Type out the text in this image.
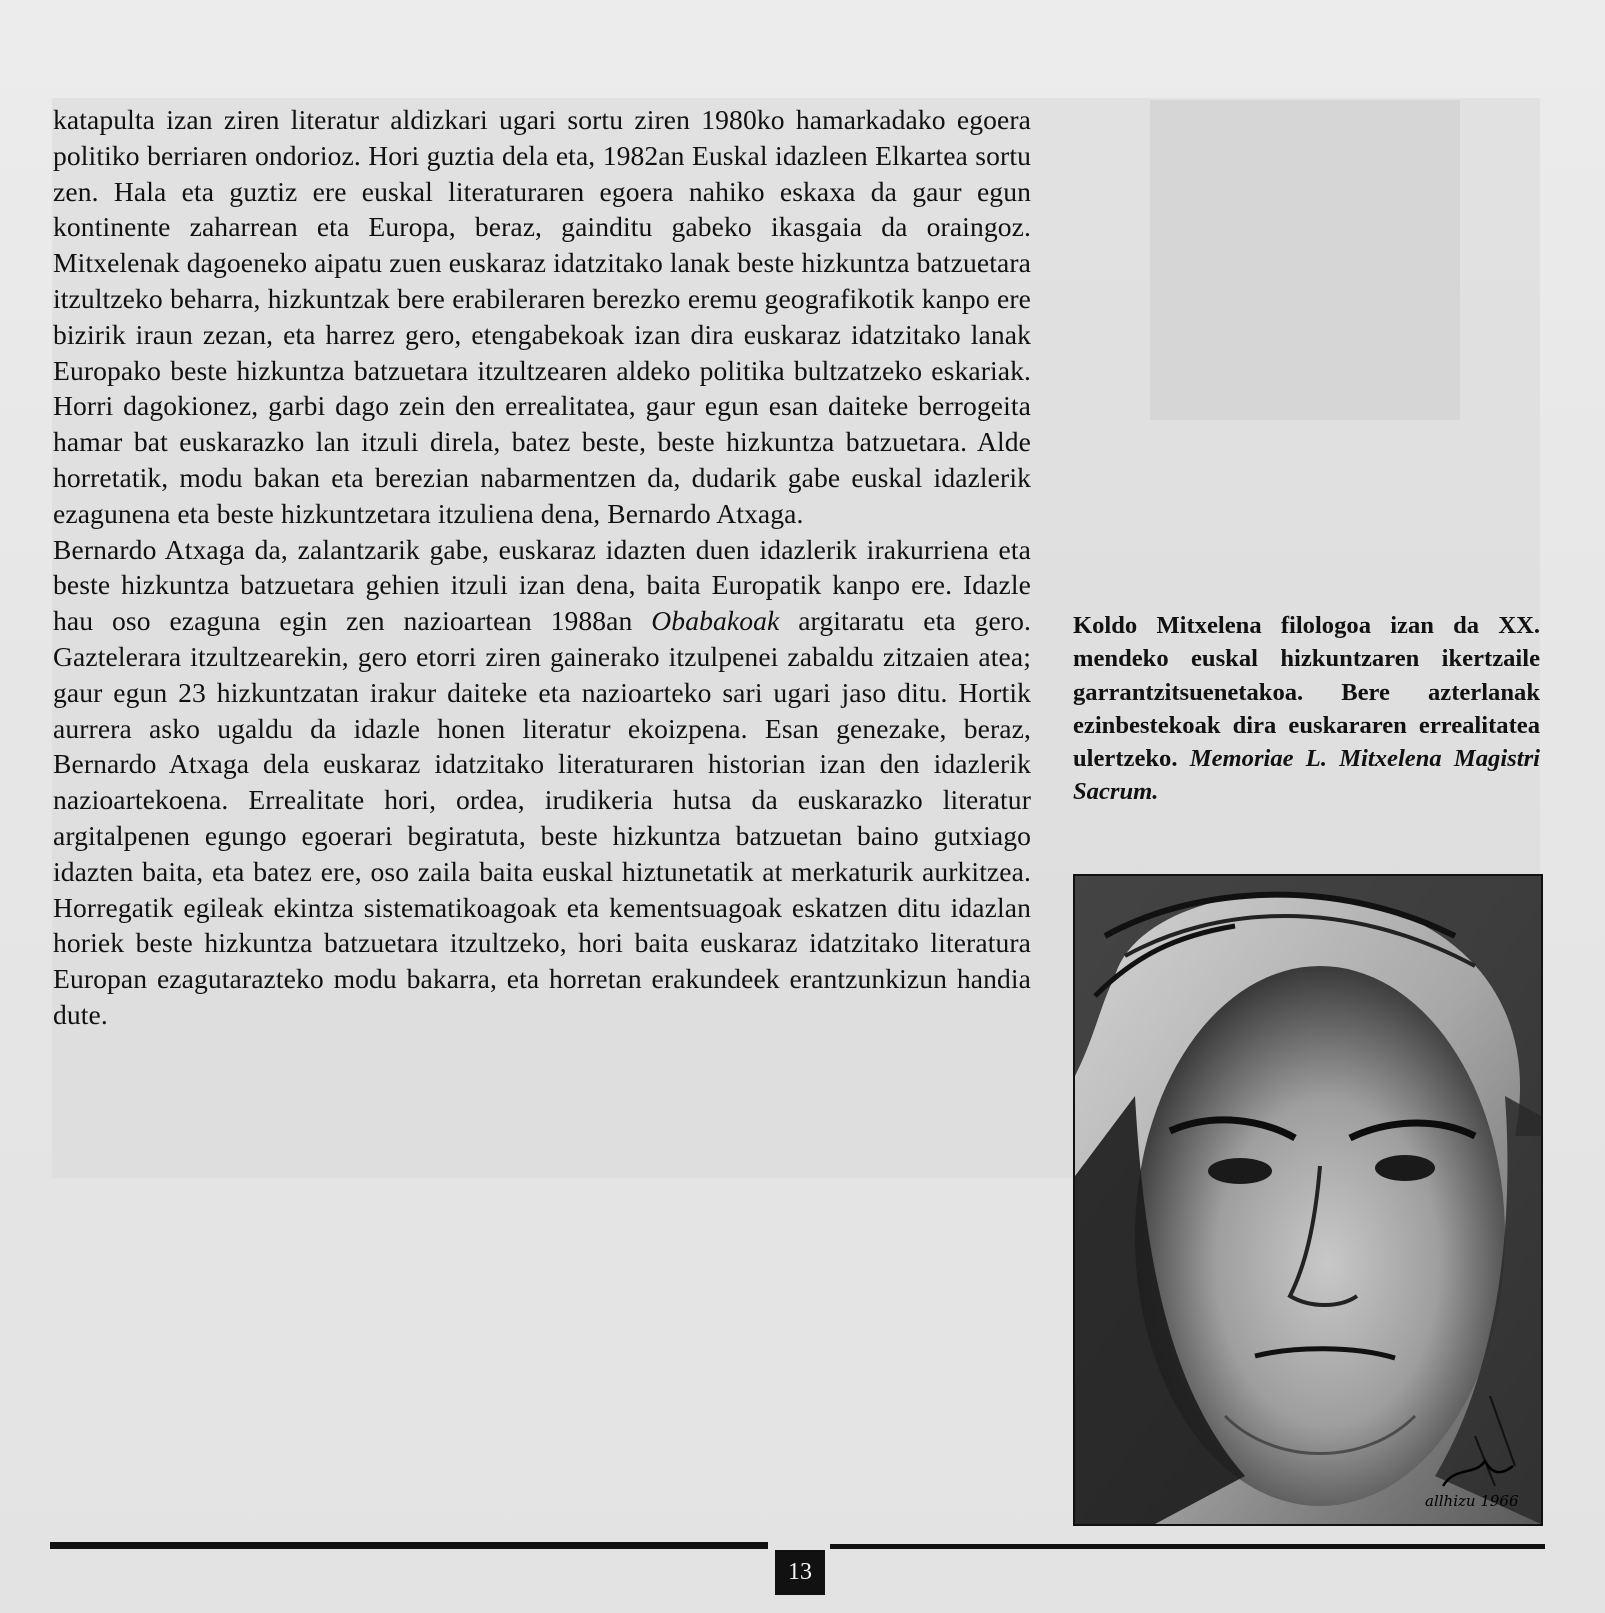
katapulta izan ziren literatur aldizkari ugari sortu ziren 1980ko hamarkadako egoera politiko berriaren ondorioz. Hori guztia dela eta, 1982an Euskal idazleen Elkartea sortu zen. Hala eta guztiz ere euskal literaturaren egoera nahiko eskaxa da gaur egun kontinente zaharrean eta Europa, beraz, gainditu gabeko ikasgaia da oraingoz. Mitxelenak dagoeneko aipatu zuen euskaraz idatzitako lanak beste hizkuntza batzuetara itzultzeko beharra, hizkuntzak bere erabileraren berezko eremu geografikotik kanpo ere bizirik iraun zezan, eta harrez gero, etengabekoak izan dira euskaraz idatzitako lanak Europako beste hizkuntza batzuetara itzultzearen aldeko politika bultzatzeko eskariak. Horri dagokionez, garbi dago zein den errealitatea, gaur egun esan daiteke berrogeita hamar bat euskarazko lan itzuli direla, batez beste, beste hizkuntza batzuetara. Alde horretatik, modu bakan eta berezian nabarmentzen da, dudarik gabe euskal idazlerik ezagunena eta beste hizkuntzetara itzuliena dena, Bernardo Atxaga.

Bernardo Atxaga da, zalantzarik gabe, euskaraz idazten duen idazlerik irakurriena eta beste hizkuntza batzuetara gehien itzuli izan dena, baita Europatik kanpo ere. Idazle hau oso ezaguna egin zen nazioartean 1988an Obabakoak argitaratu eta gero. Gaztelerara itzultzearekin, gero etorri ziren gainerako itzulpenei zabaldu zitzaien atea; gaur egun 23 hizkuntzatan irakur daiteke eta nazioarteko sari ugari jaso ditu. Hortik aurrera asko ugaldu da idazle honen literatur ekoizpena. Esan genezake, beraz, Bernardo Atxaga dela euskaraz idatzitako literaturaren historian izan den idazlerik nazioartekoena. Errealitate hori, ordea, irudikeria hutsa da euskarazko literatur argitalpenen egungo egoerari begiratuta, beste hizkuntza batzuetan baino gutxiago idazten baita, eta batez ere, oso zaila baita euskal hiztunetatik at merkaturik aurkitzea. Horregatik egileak ekintza sistematikoagoak eta kementsuagoak eskatzen ditu idazlan horiek beste hizkuntza batzuetara itzultzeko, hori baita euskaraz idatzitako literatura Europan ezagutarazteko modu bakarra, eta horretan erakundeek erantzunkizun handia dute.

Koldo Mitxelena filologoa izan da XX. mendeko euskal hizkuntzaren ikertzaile garrantzitsuenetakoa. Bere azterlanak ezinbestekoak dira euskararen errealitatea ulertzeko. Memoriae L. Mitxelena Magistri Sacrum.
allhizu 1966
13
